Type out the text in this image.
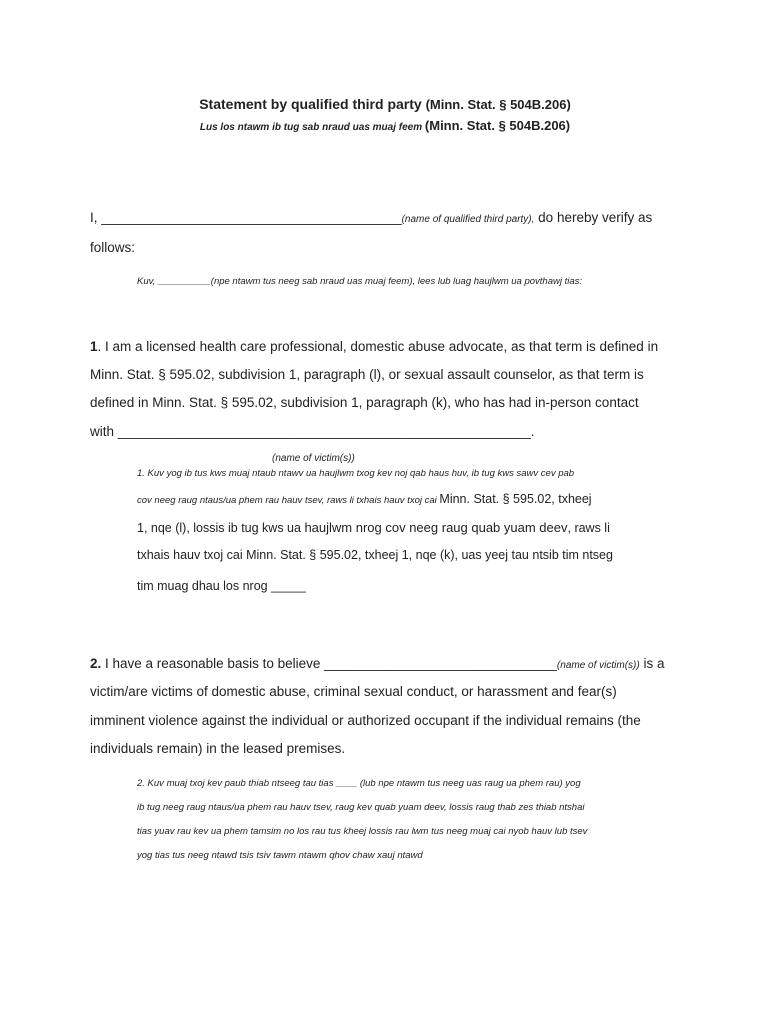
Statement by qualified third party (Minn. Stat. § 504B.206)
Lus los ntawm ib tug sab nraud uas muaj feem (Minn. Stat. § 504B.206)
I, ________________________________________(name of qualified third party), do hereby verify as
follows:
Kuv, __________(npe ntawm tus neeg sab nraud uas muaj feem), lees lub luag haujlwm ua povthawj tias:
1. I am a licensed health care professional, domestic abuse advocate, as that term is defined in
Minn. Stat. § 595.02, subdivision 1, paragraph (l), or sexual assault counselor, as that term is
defined in Minn. Stat. § 595.02, subdivision 1, paragraph (k), who has had in-person contact
with _______________________________________________________.
(name of victim(s))
1. Kuv yog ib tus kws muaj ntaub ntawv ua haujlwm txog kev noj qab haus huv, ib tug kws sawv cev pab
cov neeg raug ntaus/ua phem rau hauv tsev, raws li txhais hauv txoj cai Minn. Stat. § 595.02, txheej
1, nqe (l), lossis ib tug kws ua haujlwm nrog cov neeg raug quab yuam deev, raws li
txhais hauv txoj cai Minn. Stat. § 595.02, txheej 1, nqe (k), uas yeej tau ntsib tim ntseg
tim muag dhau los nrog _____
2. I have a reasonable basis to believe _______________________________(name of victim(s)) is a
victim/are victims of domestic abuse, criminal sexual conduct, or harassment and fear(s)
imminent violence against the individual or authorized occupant if the individual remains (the
individuals remain) in the leased premises.
2. Kuv muaj txoj kev paub thiab ntseeg tau tias ____ (lub npe ntawm tus neeg uas raug ua phem rau) yog
ib tug neeg raug ntaus/ua phem rau hauv tsev, raug kev quab yuam deev, lossis raug thab zes thiab ntshai
tias yuav rau kev ua phem tamsim no los rau tus kheej lossis rau lwm tus neeg muaj cai nyob hauv lub tsev
yog tias tus neeg ntawd tsis tsiv tawm ntawm qhov chaw xauj ntawd
